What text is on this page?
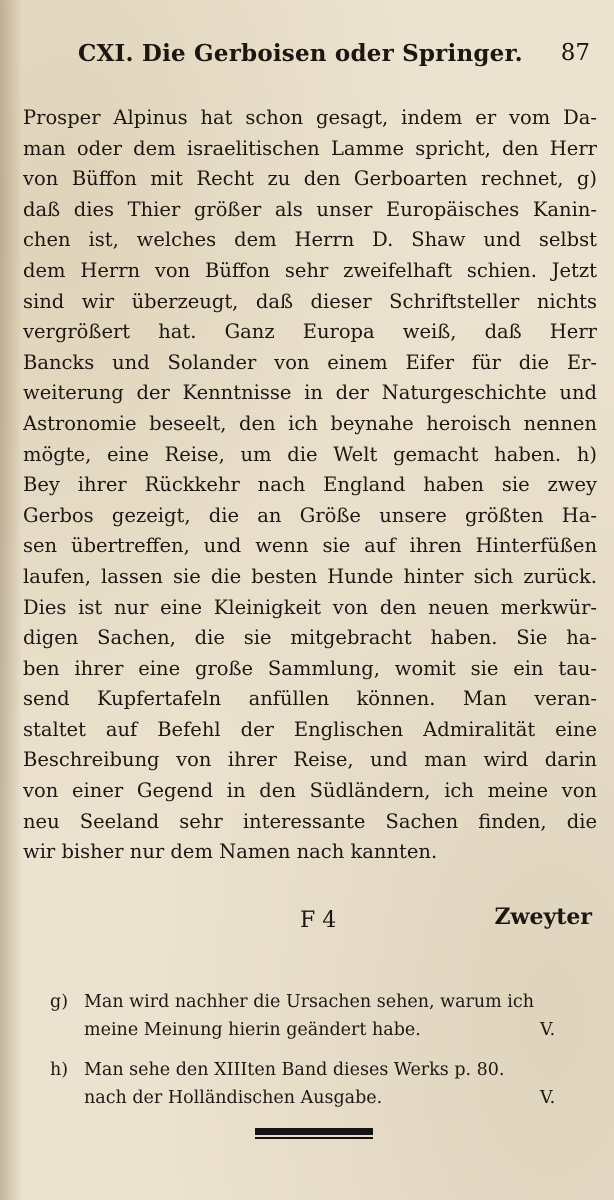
CXI. Die Gerboisen oder Springer. 87
Prosper Alpinus hat schon gesagt, indem er vom Da-
man oder dem israelitischen Lamme spricht, den Herr
von Büffon mit Recht zu den Gerboarten rechnet, g)
daß dies Thier größer als unser Europäisches Kanin-
chen ist, welches dem Herrn D. Shaw und selbst
dem Herrn von Büffon sehr zweifelhaft schien. Jetzt
sind wir überzeugt, daß dieser Schriftsteller nichts
vergrößert hat. Ganz Europa weiß, daß Herr
Bancks und Solander von einem Eifer für die Er-
weiterung der Kenntnisse in der Naturgeschichte und
Astronomie beseelt, den ich beynahe heroisch nennen
mögte, eine Reise, um die Welt gemacht haben. h)
Bey ihrer Rückkehr nach England haben sie zwey
Gerbos gezeigt, die an Größe unsere größten Ha-
sen übertreffen, und wenn sie auf ihren Hinterfüßen
laufen, lassen sie die besten Hunde hinter sich zurück.
Dies ist nur eine Kleinigkeit von den neuen merkwür-
digen Sachen, die sie mitgebracht haben. Sie ha-
ben ihrer eine große Sammlung, womit sie ein tau-
send Kupfertafeln anfüllen können. Man veran-
staltet auf Befehl der Englischen Admiralität eine
Beschreibung von ihrer Reise, und man wird darin
von einer Gegend in den Südländern, ich meine von
neu Seeland sehr interessante Sachen finden, die
wir bisher nur dem Namen nach kannten.
F 4	Zweyter
g) Man wird nachher die Ursachen sehen, warum ich
meine Meinung hierin geändert habe.	V.
h) Man sehe den XIIIten Band dieses Werks p. 80.
nach der Holländischen Ausgabe.	V.
